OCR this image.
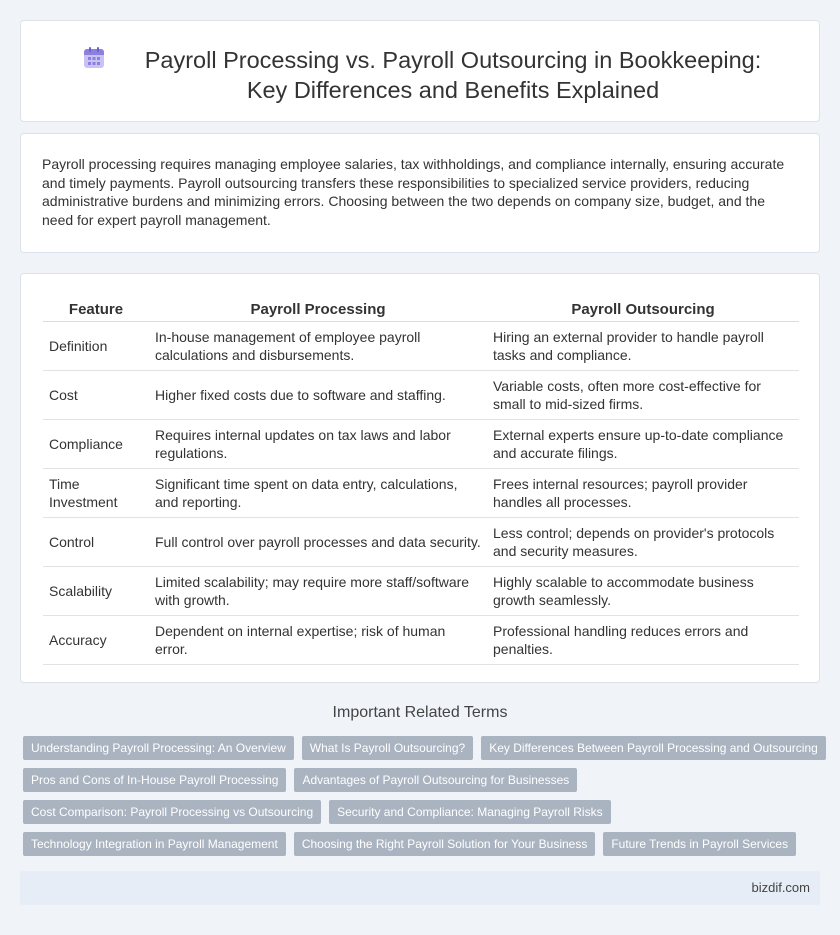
Payroll Processing vs. Payroll Outsourcing in Bookkeeping: Key Differences and Benefits Explained

Payroll processing requires managing employee salaries, tax withholdings, and compliance internally, ensuring accurate and timely payments. Payroll outsourcing transfers these responsibilities to specialized service providers, reducing administrative burdens and minimizing errors. Choosing between the two depends on company size, budget, and the need for expert payroll management.

Feature	Payroll Processing	Payroll Outsourcing
Definition	In-house management of employee payroll calculations and disbursements.	Hiring an external provider to handle payroll tasks and compliance.
Cost	Higher fixed costs due to software and staffing.	Variable costs, often more cost-effective for small to mid-sized firms.
Compliance	Requires internal updates on tax laws and labor regulations.	External experts ensure up-to-date compliance and accurate filings.
Time Investment	Significant time spent on data entry, calculations, and reporting.	Frees internal resources; payroll provider handles all processes.
Control	Full control over payroll processes and data security.	Less control; depends on provider's protocols and security measures.
Scalability	Limited scalability; may require more staff/software with growth.	Highly scalable to accommodate business growth seamlessly.
Accuracy	Dependent on internal expertise; risk of human error.	Professional handling reduces errors and penalties.
Important Related Terms
Understanding Payroll Processing: An Overview	What Is Payroll Outsourcing?	Key Differences Between Payroll Processing and Outsourcing
Pros and Cons of In-House Payroll Processing	Advantages of Payroll Outsourcing for Businesses
Cost Comparison: Payroll Processing vs Outsourcing	Security and Compliance: Managing Payroll Risks
Technology Integration in Payroll Management	Choosing the Right Payroll Solution for Your Business	Future Trends in Payroll Services
bizdif.com
